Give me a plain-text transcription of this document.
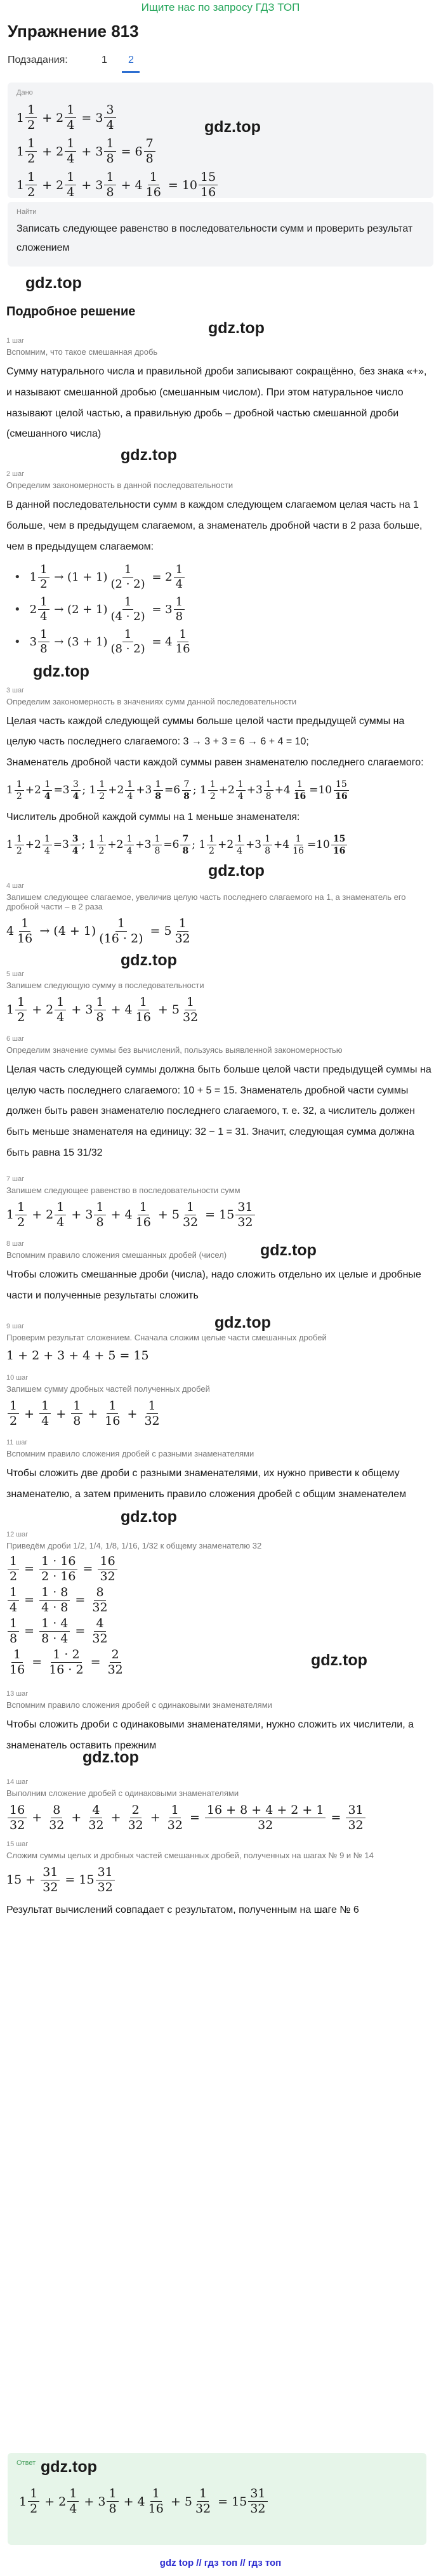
Ищите нас по запросу ГДЗ ТОП
Упражнение 813
Подзадания:	1 2
Дано
$1 \frac{1}{2} + 2 \frac{1}{4} = 3 \frac{3}{4}$
$1 \frac{1}{2} + 2 \frac{1}{4} + 3 \frac{1}{8} = 6 \frac{7}{8}$
$1 \frac{1}{2} + 2 \frac{1}{4} + 3 \frac{1}{8} + 4 \frac{1}{16} = 10 \frac{15}{16}$
gdz.top
Найти
Записать следующее равенство в последовательности сумм и проверить результат сложением
gdz.top
Подробное решение
gdz.top
1 шаг
Вспомним, что такое смешанная дробь
Сумму натурального числа и правильной дроби записывают сокращённо, без знака «+», и называют смешанной дробью (смешанным числом). При этом натуральное число называют целой частью, а правильную дробь – дробной частью смешанной дроби (смешанного числа)
gdz.top
2 шаг
Определим закономерность в данной последовательности
В данной последовательности сумм в каждом следующем слагаемом целая часть на 1 больше, чем в предыдущем слагаемом, а знаменатель дробной части в 2 раза больше, чем в предыдущем слагаемом:
• $1 \frac{1}{2} \to (1 + 1) \frac{1}{(2 \cdot 2)} = 2 \frac{1}{4}$
• $2 \frac{1}{4} \to (2 + 1) \frac{1}{(4 \cdot 2)} = 3 \frac{1}{8}$
• $3 \frac{1}{8} \to (3 + 1) \frac{1}{(8 \cdot 2)} = 4 \frac{1}{16}$
gdz.top
3 шаг
Определим закономерность в значениях сумм данной последовательности
Целая часть каждой следующей суммы больше целой части предыдущей суммы на целую часть последнего слагаемого: 3 → 3 + 3 = 6 → 6 + 4 = 10;
Знаменатель дробной части каждой суммы равен знаменателю последнего слагаемого:
$1 \frac{1}{2} +2 \frac{1}{4} =3 \frac{3}{4}$ ; $1 \frac{1}{2} +2 \frac{1}{4} +3 \frac{1}{8} =6 \frac{7}{8}$ ; $1 \frac{1}{2} +2 \frac{1}{4} +3 \frac{1}{8} +4 \frac{1}{16} =10 \frac{15}{16}$
Числитель дробной каждой суммы на 1 меньше знаменателя:
$1 \frac{1}{2} +2 \frac{1}{4} =3 \frac{3}{4}$ ; $1 \frac{1}{2} +2 \frac{1}{4} +3 \frac{1}{8} =6 \frac{7}{8}$ ; $1 \frac{1}{2} +2 \frac{1}{4} +3 \frac{1}{8} +4 \frac{1}{16} =10 \frac{15}{16}$
gdz.top
4 шаг
Запишем следующее слагаемое, увеличив целую часть последнего слагаемого на 1, а знаменатель его дробной части – в 2 раза
$4 \frac{1}{16} \to (4 + 1) \frac{1}{(16 \cdot 2)} = 5 \frac{1}{32}$
gdz.top
5 шаг
Запишем следующую сумму в последовательности
$1 \frac{1}{2} + 2 \frac{1}{4} + 3 \frac{1}{8} + 4 \frac{1}{16} + 5 \frac{1}{32}$
6 шаг
Определим значение суммы без вычислений, пользуясь выявленной закономерностью
Целая часть следующей суммы должна быть больше целой части предыдущей суммы на целую часть последнего слагаемого: 10 + 5 = 15. Знаменатель дробной части суммы должен быть равен знаменателю последнего слагаемого, т. е. 32, а числитель должен быть меньше знаменателя на единицу: 32 − 1 = 31. Значит, следующая сумма должна быть равна 15 31/32
7 шаг
Запишем следующее равенство в последовательности сумм
$1 \frac{1}{2} + 2 \frac{1}{4} + 3 \frac{1}{8} + 4 \frac{1}{16} + 5 \frac{1}{32} = 15 \frac{31}{32}$
8 шаг
Вспомним правило сложения смешанных дробей (чисел)
Чтобы сложить смешанные дроби (числа), надо сложить отдельно их целые и дробные части и полученные результаты сложить
gdz.top
9 шаг
Проверим результат сложением. Сначала сложим целые части смешанных дробей
1 + 2 + 3 + 4 + 5 = 15
gdz.top
10 шаг
Запишем сумму дробных частей полученных дробей
$\frac{1}{2} + \frac{1}{4} + \frac{1}{8} + \frac{1}{16} + \frac{1}{32}$
11 шаг
Вспомним правило сложения дробей с разными знаменателями
Чтобы сложить две дроби с разными знаменателями, их нужно привести к общему знаменателю, а затем применить правило сложения дробей с общим знаменателем
gdz.top
12 шаг
Приведём дроби 1/2, 1/4, 1/8, 1/16, 1/32 к общему знаменателю 32
$\frac{1}{2} = \frac{1 \cdot 16}{2 \cdot 16} = \frac{16}{32}$
$\frac{1}{4} = \frac{1 \cdot 8}{4 \cdot 8} = \frac{8}{32}$
$\frac{1}{8} = \frac{1 \cdot 4}{8 \cdot 4} = \frac{4}{32}$
$\frac{1}{16} = \frac{1 \cdot 2}{16 \cdot 2} = \frac{2}{32}$	gdz.top
13 шаг
Вспомним правило сложения дробей с одинаковыми знаменателями
Чтобы сложить дроби с одинаковыми знаменателями, нужно сложить их числители, а знаменатель оставить прежним
gdz.top
14 шаг
Выполним сложение дробей с одинаковыми знаменателями
$\frac{16}{32} + \frac{8}{32} + \frac{4}{32} + \frac{2}{32} + \frac{1}{32} = \frac{16 + 8 + 4 + 2 + 1}{32} = \frac{31}{32}$
15 шаг
Сложим суммы целых и дробных частей смешанных дробей, полученных на шагах № 9 и № 14
$15 + \frac{31}{32} = 15 \frac{31}{32}$
Результат вычислений совпадает с результатом, полученным на шаге № 6
Ответ gdz.top
$1 \frac{1}{2} + 2 \frac{1}{4} + 3 \frac{1}{8} + 4 \frac{1}{16} + 5 \frac{1}{32} = 15 \frac{31}{32}$
gdz top // гдз топ // гдз топ
